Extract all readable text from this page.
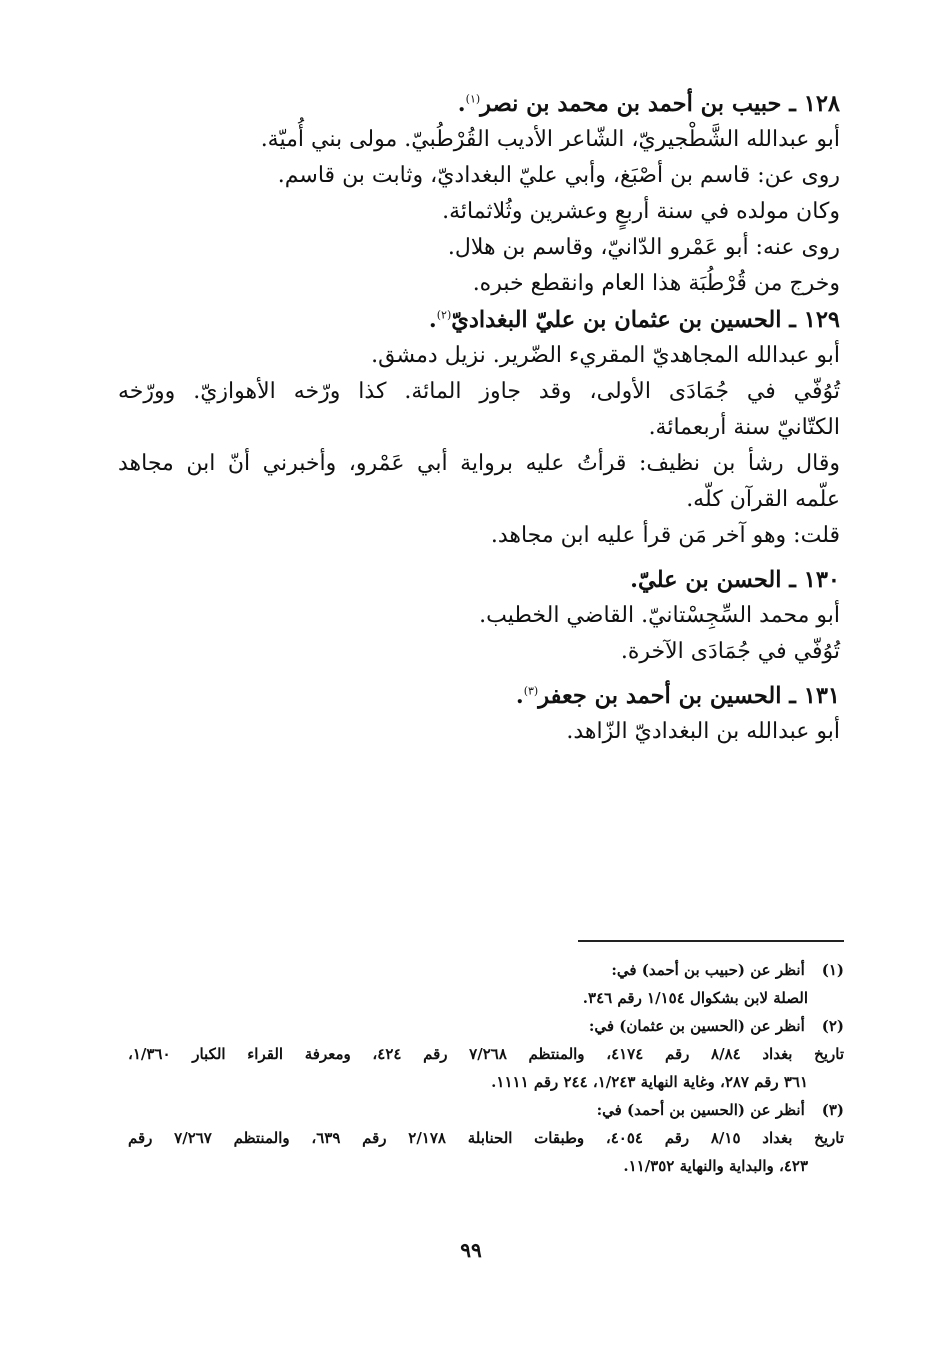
١٢٨ ـ حبيب بن أحمد بن محمد بن نصر$^{(١)}$.

أبو عبدالله الشَّطْجيريّ، الشّاعر الأديب القُرْطُبيّ. مولى بني أُميّة.

روى عن: قاسم بن أصْبَغ، وأبي عليّ البغداديّ، وثابت بن قاسم.

وكان مولده في سنة أربعٍ وعشرين وثُلاثمائة.

روى عنه: أبو عَمْرو الدّانيّ، وقاسم بن هلال.

وخرج من قُرْطُبَة هذا العام وانقطع خبره.

١٢٩ ـ الحسين بن عثمان بن عليّ البغداديّ$^{(٢)}$.

أبو عبدالله المجاهديّ المقريء الضّرير. نزيل دمشق.

تُوُفّي في جُمَادَى الأولى، وقد جاوز المائة. كذا ورّخه الأهوازيّ. وورّخه

الكتّانيّ سنة أربعمائة.

وقال رشأ بن نظيف: قرأتُ عليه برواية أبي عَمْرو، وأخبرني أنّ ابن مجاهد

علّمه القرآن كلّه.

قلت: وهو آخر مَن قرأ عليه ابن مجاهد.

١٣٠ ـ الحسن بن عليّ.

أبو محمد السِّجِسْتانيّ. القاضي الخطيب.

تُوُفّي في جُمَادَى الآخرة.

١٣١ ـ الحسين بن أحمد بن جعفر$^{(٣)}$.

أبو عبدالله بن البغداديّ الزّاهد.

(١) أنظر عن (حبيب بن أحمد) في:

الصلة لابن بشكوال ١/١٥٤ رقم ٣٤٦.

(٢) أنظر عن (الحسين بن عثمان) في:

تاريخ بغداد ٨/٨٤ رقم ٤١٧٤، والمنتظم ٧/٢٦٨ رقم ٤٢٤، ومعرفة القراء الكبار ١/٣٦٠،

٣٦١ رقم ٢٨٧، وغاية النهاية ١/٢٤٣، ٢٤٤ رقم ١١١١.

(٣) أنظر عن (الحسين بن أحمد) في:

تاريخ بغداد ٨/١٥ رقم ٤٠٥٤، وطبقات الحنابلة ٢/١٧٨ رقم ٦٣٩، والمنتظم ٧/٢٦٧ رقم

٤٢٣، والبداية والنهاية ١١/٣٥٢.

٩٩
